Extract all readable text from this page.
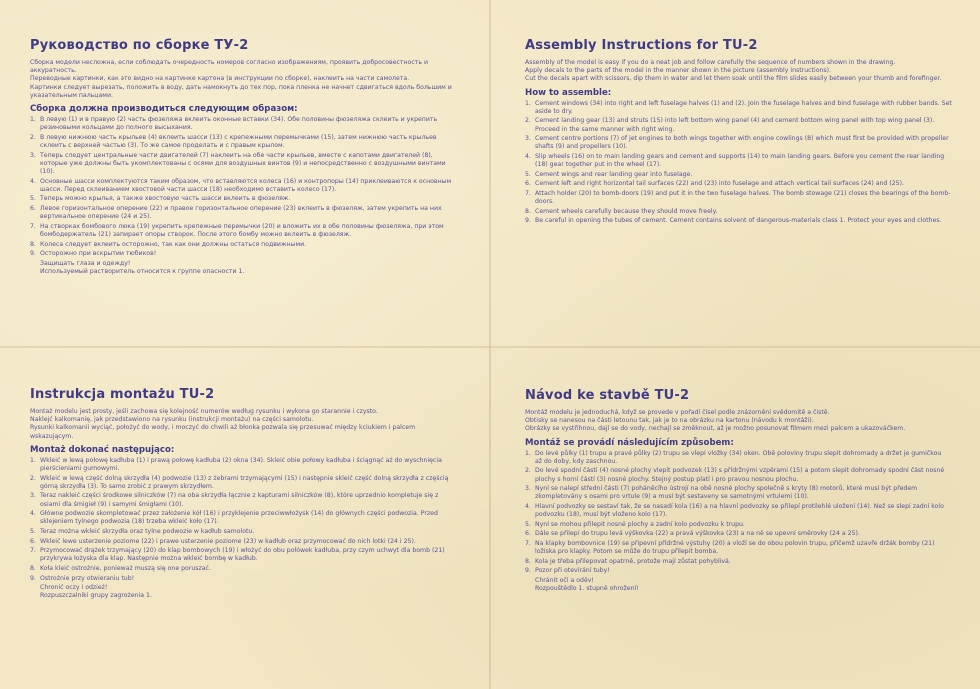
Руководство по сборке ТУ-2

Сборка модели несложна, если соблюдать очередность номеров согласно изображениям, проявить добросовестность и аккуратность.

Переводные картинки, как это видно на картинке картона (в инструкции по сборке), наклеить на части самолета.

Картинки следует вырезать, положить в воду, дать намокнуть до тех пор, пока пленка не начнет сдвигаться вдоль большим и указательным пальцами.

Сборка должна производиться следующим образом:
1. В левую (1) и в правую (2) часть фюзеляжа вклеить оконные вставки (34). Обе половины фюзеляжа склеить и укрепить резиновыми кольцами до полного высыхания.
2. В левую нижнюю часть крыльев (4) вклеить шасси (13) с крепежными перемычками (15), затем нижнюю часть крыльев склеить с верхней частью (3). То же самое проделать и с правым крылом.
3. Теперь следует центральные части двигателей (7) наклеить на обе части крыльев, вместе с капотами двигателей (8), которые уже должны быть укомплектованы с осями для воздушных винтов (9) и непосредственно с воздушными винтами (10).
4. Основные шасси комплектуются таким образом, что вставляются колеса (16) и контропоры (14) приклеиваются к основным шасси. Перед склеиванием хвостовой части шасси (18) необходимо вставить колесо (17).
5. Теперь можно крылья, а также хвостовую часть шасси вклеить в фюзеляж.
6. Левое горизонтальное оперение (22) и правое горизонтальное оперение (23) вклеить в фюзеляж, затем укрепить на них вертикальное оперение (24 и 25).
7. На створках бомбового люка (19) укрепить крепежные перемычки (20) и вложить их в обе половины фюзеляжа, при этом бомбодержатель (21) запирает опоры створок. После этого бомбу можно вклеить в фюзеляж.
8. Колеса следует вклеить осторожно, так как они должны остаться подвижными.
9. Осторожно при вскрытии тюбиков!
Защищать глаза и одежду!
Используемый растворитель относится к группе опасности 1.
Assembly Instructions for TU-2

Assembly of the model is easy if you do a neat job and follow carefully the sequence of numbers shown in the drawing.

Apply decals to the parts of the model in the manner shown in the picture (assembly instructions).

Cut the decals apart with scissors, dip them in water and let them soak until the film slides easily between your thumb and forefinger.

How to assemble:
1. Cement windows (34) into right and left fuselage halves (1) and (2). Join the fuselage halves and bind fuselage with rubber bands. Set aside to dry.
2. Cement landing gear (13) and struts (15) into left bottom wing panel (4) and cement bottom wing panel with top wing panel (3). Proceed in the same manner with right wing.
3. Cement centre portions (7) of jet engines to both wings together with engine cowlings (8) which must first be provided with propeller shafts (9) and propellers (10).
4. Slip wheels (16) on to main landing gears and cement and supports (14) to main landing gears. Before you cement the rear landing (18) gear together put in the wheel (17).
5. Cement wings and rear landing gear into fuselage.
6. Cement left and right horizontal tail surfaces (22) and (23) into fuselage and attach vertical tail surfaces (24) and (25).
7. Attach holder (20) to bomb-doors (19) and put it in the two fuselage halves. The bomb stowage (21) closes the bearings of the bomb-doors.
8. Cement wheels carefully because they should move freely.
9. Be careful in opening the tubes of cement. Cement contains solvent of dangerous-materials class 1. Protect your eyes and clothes.
Instrukcja montażu TU-2

Montaż modelu jest prosty, jeśli zachowa się kolejność numerów według rysunku i wykona go starannie i czysto.

Naklejć kalkomanię, jak przedstawiono na rysunku (instrukcji montażu) na części samolotu.

Rysunki kalkomanii wyciąć, położyć do wody, i moczyć do chwili aż błonka pozwala się przesuwać między kciukiem i palcem wskazującym.

Montaż dokonać następująco:
1. Wkleić w lewą połowę kadłuba (1) i prawą połowę kadłuba (2) okna (34). Skleić obie połowy kadłuba i ściągnąć aż do wyschnięcia pierścieniami gumowymi.
2. Wkleić w lewą część dolną skrzydła (4) podwozie (13) z żebrami trzymającymi (15) i następnie skleić część dolną skrzydła z częścią górną skrzydła (3). To samo zrobić z prawym skrzydłem.
3. Teraz nakleić części środkowe silniczków (7) na oba skrzydła łącznie z kapturami silniczków (8), które uprzednio kompletuje się z osiami dla śmigieł (9) i samymi śmigłami (10).
4. Główne podwozie skompletować przez założenie kół (16) i przyklejenie przeciwwłożysk (14) do głównych części podwozia. Przed sklejeniem tylnego podwozia (18) trzeba wkleić koło (17).
5. Teraz można wkleić skrzydła oraz tylne podwozie w kadłub samolotu.
6. Wkleić lewe usterzenie poziome (22) i prawe usterzenie poziome (23) w kadłub oraz przymocować do nich lotki (24 i 25).
7. Przymocować drążek trzymający (20) do klap bombowych (19) i włożyć do obu połówek kadłuba, przy czym uchwyt dla bomb (21) przykrywa łożyska dla klap. Następnie można wkleić bombę w kadłub.
8. Koła kleić ostrożnie, ponieważ muszą się one poruszać.
9. Ostrożnie przy otwieraniu tub!
Chronić oczy i odzież!
Rozpuszczalniki grupy zagrożenia 1.
Návod ke stavbě TU-2

Montáž modelu je jednoduchá, když se provede v pořadí čísel podle znázornění svědomitě a čistě.

Obtisky se nanesou na části letounu tak, jak je to na obrázku na kartonu (návodu k montáži).

Obrázky se vystřihnou, dají se do vody, nechají se změknout, až je možno posunovat filmem mezi palcem a ukazováčkem.

Montáž se provádí následujícím způsobem:
1. Do levé půlky (1) trupu a pravé půlky (2) trupu se vlepí vložky (34) oken. Obě poloviny trupu slepit dohromady a držet je gumičkou až do doby, kdy zaschnou.
2. Do levé spodní části (4) nosné plochy vlepit podvozek (13) s přídržnými vzpěrami (15) a potom slepit dohromady spodní část nosné plochy s horní částí (3) nosné plochy. Stejný postup platí i pro pravou nosnou plochu.
3. Nyní se nalepí střední části (7) poháněcího ústrojí na obě nosné plochy společně s kryty (8) motorů, které musí být předem zkompletovány s osami pro vrtule (9) a musí být sestaveny se samotnými vrtulemi (10).
4. Hlavní podvozky se sestaví tak, že se nasadí kola (16) a na hlavní podvozky se přilepí protilehlé uložení (14). Než se slepí zadní kolo podvozku (18), musí být vloženo kolo (17).
5. Nyní se mohou přilepit nosné plochy a zadní kolo podvozku k trupu.
6. Dále se přilepí do trupu levá výškovka (22) a pravá výškovka (23) a na ně se upevní směrovky (24 a 25).
7. Na klapky bombovnice (19) se připevní přídržné výstuhy (20) a vloží se do obou polovin trupu, přičemž uzavře držák bomby (21) ložiska pro klapky. Potom se může do trupu přilepit bomba.
8. Kola je třeba přilepovat opatrně, protože mají zůstat pohyblivá.
9. Pozor při otevírání tuby!
Chránit oči a oděv!
Rozpouštědlo 1. stupně ohrožení!
